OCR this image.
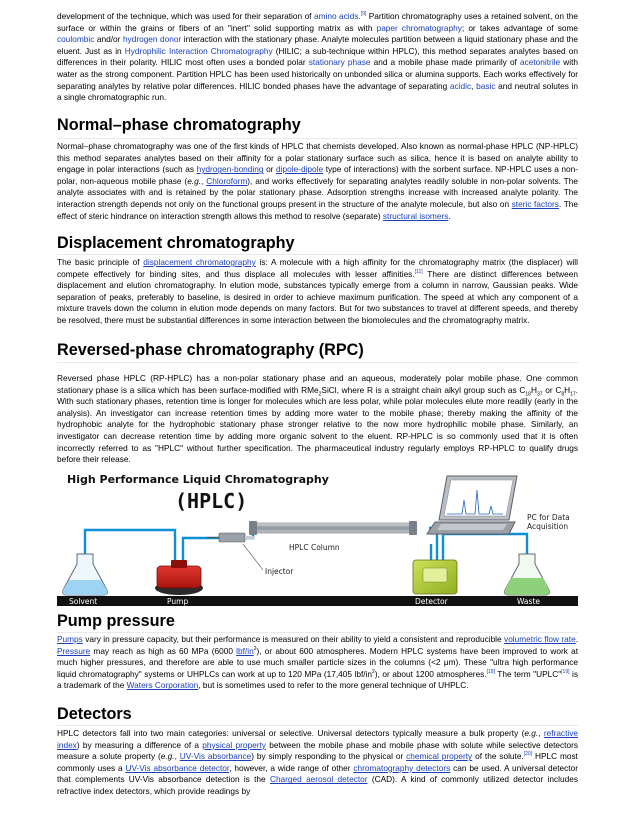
development of the technique, which was used for their separation of amino acids.[9] Partition chromatography uses a retained solvent, on the surface or within the grains or fibers of an "inert" solid supporting matrix as with paper chromatography; or takes advantage of some coulombic and/or hydrogen donor interaction with the stationary phase. Analyte molecules partition between a liquid stationary phase and the eluent. Just as in Hydrophilic Interaction Chromatography (HILIC; a sub-technique within HPLC), this method separates analytes based on differences in their polarity. HILIC most often uses a bonded polar stationary phase and a mobile phase made primarily of acetonitrile with water as the strong component. Partition HPLC has been used historically on unbonded silica or alumina supports. Each works effectively for separating analytes by relative polar differences. HILIC bonded phases have the advantage of separating acidic, basic and neutral solutes in a single chromatographic run.

Normal–phase chromatography

Normal–phase chromatography was one of the first kinds of HPLC that chemists developed. Also known as normal-phase HPLC (NP-HPLC) this method separates analytes based on their affinity for a polar stationary surface such as silica, hence it is based on analyte ability to engage in polar interactions (such as hydrogen-bonding or dipole-dipole type of interactions) with the sorbent surface. NP-HPLC uses a non-polar, non-aqueous mobile phase (e.g., Chloroform), and works effectively for separating analytes readily soluble in non-polar solvents. The analyte associates with and is retained by the polar stationary phase. Adsorption strengths increase with increased analyte polarity. The interaction strength depends not only on the functional groups present in the structure of the analyte molecule, but also on steric factors. The effect of steric hindrance on interaction strength allows this method to resolve (separate) structural isomers.

Displacement chromatography

The basic principle of displacement chromatography is: A molecule with a high affinity for the chromatography matrix (the displacer) will compete effectively for binding sites, and thus displace all molecules with lesser affinities.[11] There are distinct differences between displacement and elution chromatography. In elution mode, substances typically emerge from a column in narrow, Gaussian peaks. Wide separation of peaks, preferably to baseline, is desired in order to achieve maximum purification. The speed at which any component of a mixture travels down the column in elution mode depends on many factors. But for two substances to travel at different speeds, and thereby be resolved, there must be substantial differences in some interaction between the biomolecules and the chromatography matrix.

Reversed-phase chromatography (RPC)

Reversed phase HPLC (RP-HPLC) has a non-polar stationary phase and an aqueous, moderately polar mobile phase. One common stationary phase is a silica which has been surface-modified with RMe$_2$SiCl, where R is a straight chain alkyl group such as $C_{18}H_{37}$ or $C_8H_{17}$. With such stationary phases, retention time is longer for molecules which are less polar, while polar molecules elute more readily (early in the analysis). An investigator can increase retention times by adding more water to the mobile phase; thereby making the affinity of the hydrophobic analyte for the hydrophobic stationary phase stronger relative to the now more hydrophilic mobile phase. Similarly, an investigator can decrease retention time by adding more organic solvent to the eluent. RP-HPLC is so commonly used that it is often incorrectly referred to as "HPLC" without further specification. The pharmaceutical industry regularly employs RP-HPLC to qualify drugs before their release.

High Performance Liquid Chromatography
(HPLC)
PC for Data
Acquisition
HPLC Column
Injector
Solvent	Pump	Detector	Waste
Pump pressure

Pumps vary in pressure capacity, but their performance is measured on their ability to yield a consistent and reproducible volumetric flow rate. Pressure may reach as high as 60 MPa (6000 lbf/$in^2$), or about 600 atmospheres. Modern HPLC systems have been improved to work at much higher pressures, and therefore are able to use much smaller particle sizes in the columns (<2 μm). These "ultra high performance liquid chromatography" systems or UHPLCs can work at up to 120 MPa (17,405 lbf/$in^2$), or about 1200 atmospheres.[18] The term "UPLC"[19] is a trademark of the Waters Corporation, but is sometimes used to refer to the more general technique of UHPLC.

Detectors

HPLC detectors fall into two main categories: universal or selective. Universal detectors typically measure a bulk property (e.g., refractive index) by measuring a difference of a physical property between the mobile phase and mobile phase with solute while selective detectors measure a solute property (e.g., UV-Vis absorbance) by simply responding to the physical or chemical property of the solute.[20] HPLC most commonly uses a UV-Vis absorbance detector, however, a wide range of other chromatography detectors can be used. A universal detector that complements UV-Vis absorbance detection is the Charged aerosol detector (CAD). A kind of commonly utilized detector includes refractive index detectors, which provide readings by
